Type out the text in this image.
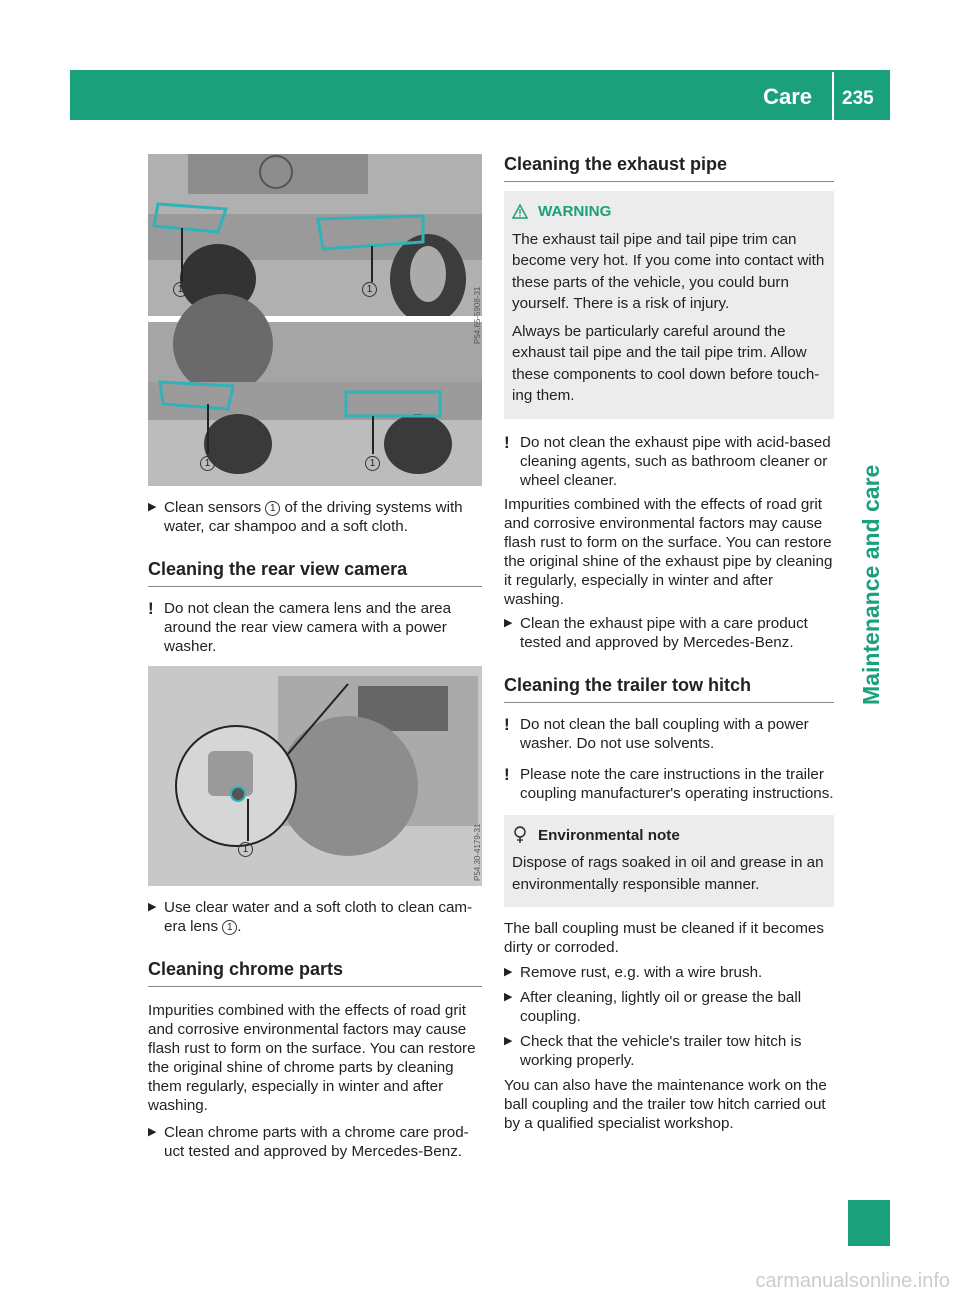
Care 235
Maintenance and care
1	1
1	1
P54.65-5908-31
▶ Clean sensors 1 of the driving systems with water, car shampoo and a soft cloth.
Cleaning the rear view camera
! Do not clean the camera lens and the area around the rear view camera with a power washer.
1	P54.30-4179-31
▶ Use clear water and a soft cloth to clean cam-era lens 1 .
Cleaning chrome parts

Impurities combined with the effects of road grit and corrosive environmental factors may cause flash rust to form on the surface. You can restore the original shine of chrome parts by cleaning them regularly, especially in winter and after washing.

▶ Clean chrome parts with a chrome care prod-uct tested and approved by Mercedes-Benz.
Cleaning the exhaust pipe
WARNING

The exhaust tail pipe and tail pipe trim can become very hot. If you come into contact with these parts of the vehicle, you could burn yourself. There is a risk of injury.

Always be particularly careful around the exhaust tail pipe and the tail pipe trim. Allow these components to cool down before touch-ing them.

! Do not clean the exhaust pipe with acid-based cleaning agents, such as bathroom cleaner or wheel cleaner.

Impurities combined with the effects of road grit and corrosive environmental factors may cause flash rust to form on the surface. You can restore the original shine of the exhaust pipe by cleaning it regularly, especially in winter and after washing.

▶ Clean the exhaust pipe with a care product tested and approved by Mercedes-Benz.
Cleaning the trailer tow hitch
! Do not clean the ball coupling with a power washer. Do not use solvents.
! Please note the care instructions in the trailer coupling manufacturer's operating instructions.
Environmental note

Dispose of rags soaked in oil and grease in an environmentally responsible manner.

The ball coupling must be cleaned if it becomes dirty or corroded.

▶ Remove rust, e.g. with a wire brush.
▶ After cleaning, lightly oil or grease the ball coupling.
▶ Check that the vehicle's trailer tow hitch is working properly.

You can also have the maintenance work on the ball coupling and the trailer tow hitch carried out by a qualified specialist workshop.

carmanualsonline.info
